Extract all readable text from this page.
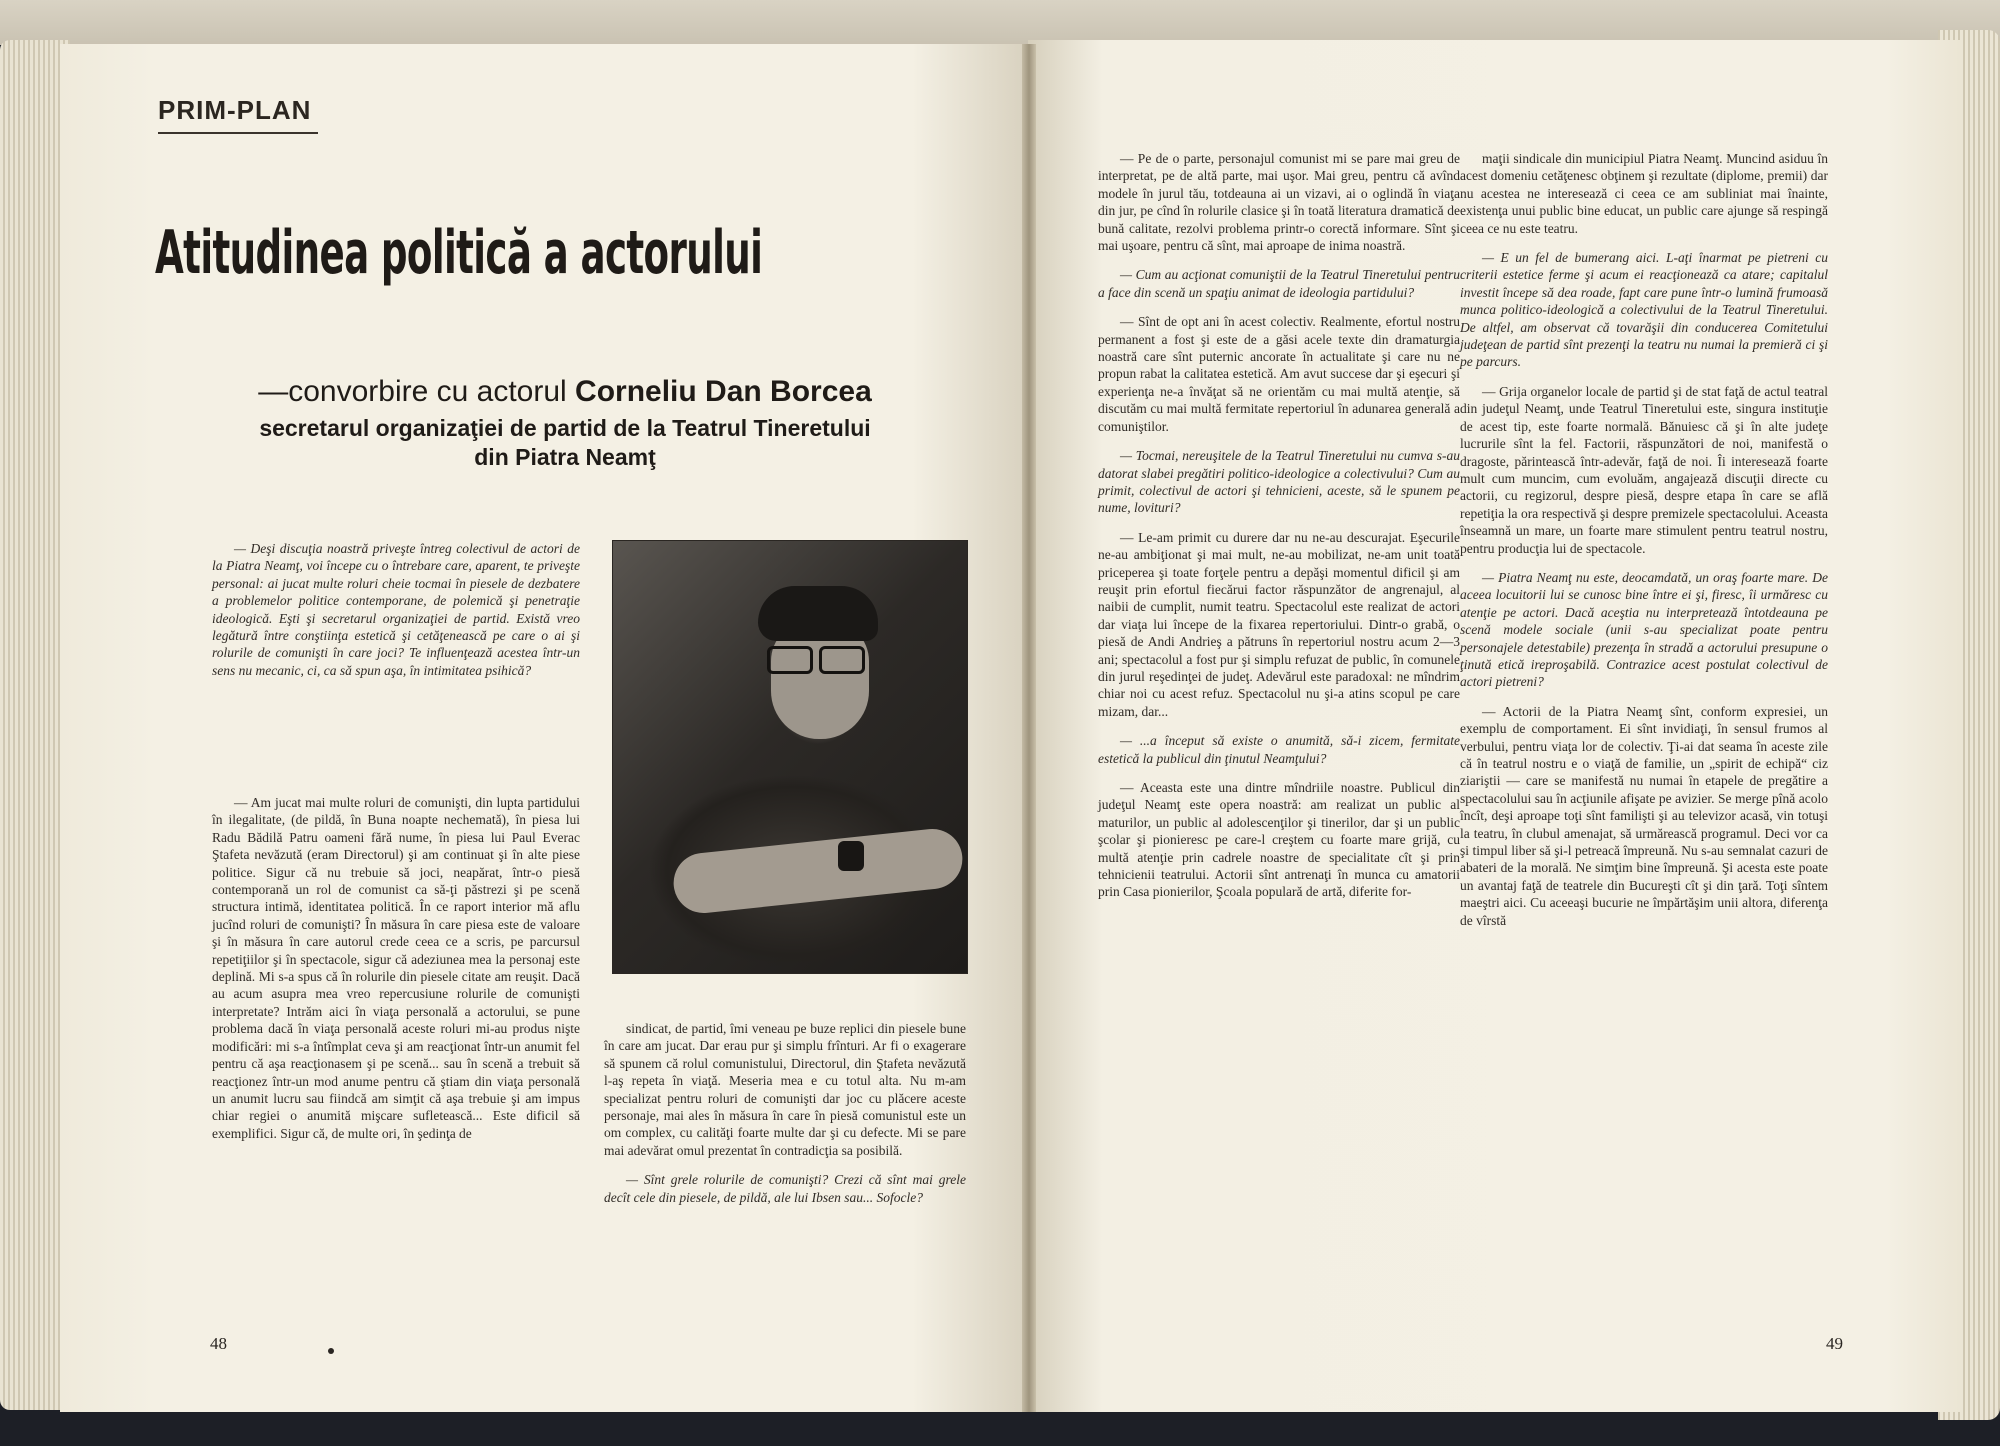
PRIM-PLAN
Atitudinea politică a actorului
—convorbire cu actorul Corneliu Dan Borcea
secretarul organizaţiei de partid de la Teatrul Tineretului
din Piatra Neamţ

— Deşi discuţia noastră priveşte întreg colectivul de actori de la Piatra Neamţ, voi începe cu o întrebare care, aparent, te priveşte personal: ai jucat multe roluri cheie tocmai în piesele de dezbatere a problemelor politice contemporane, de polemică şi penetraţie ideologică. Eşti şi secretarul organizaţiei de partid. Există vreo legătură între conştiinţa estetică şi cetăţenească pe care o ai şi rolurile de comunişti în care joci? Te influenţează acestea într-un sens nu mecanic, ci, ca să spun aşa, în intimitatea psihică?

— Am jucat mai multe roluri de comunişti, din lupta partidului în ilegalitate, (de pildă, în Buna noapte nechemată), în piesa lui Radu Bădilă Patru oameni fără nume, în piesa lui Paul Everac Ştafeta nevăzută (eram Directorul) şi am continuat şi în alte piese politice. Sigur că nu trebuie să joci, neapărat, într-o piesă contemporană un rol de comunist ca să-ţi păstrezi şi pe scenă structura intimă, identitatea politică. În ce raport interior mă aflu jucînd roluri de comunişti? În măsura în care piesa este de valoare şi în măsura în care autorul crede ceea ce a scris, pe parcursul repetiţiilor şi în spectacole, sigur că adeziunea mea la personaj este deplină. Mi s-a spus că în rolurile din piesele citate am reuşit. Dacă au acum asupra mea vreo repercusiune rolurile de comunişti interpretate? Intrăm aici în viaţa personală a actorului, se pune problema dacă în viaţa personală aceste roluri mi-au produs nişte modificări: mi s-a întîmplat ceva şi am reacţionat într-un anumit fel pentru că aşa reacţionasem şi pe scenă... sau în scenă a trebuit să reacţionez într-un mod anume pentru că ştiam din viaţa personală un anumit lucru sau fiindcă am simţit că aşa trebuie şi am impus chiar regiei o anumită mişcare sufletească... Este dificil să exemplifici. Sigur că, de multe ori, în şedinţa de

sindicat, de partid, îmi veneau pe buze replici din piesele bune în care am jucat. Dar erau pur şi simplu frînturi. Ar fi o exagerare să spunem că rolul comunistului, Directorul, din Ştafeta nevăzută l-aş repeta în viaţă. Meseria mea e cu totul alta. Nu m-am specializat pentru roluri de comunişti dar joc cu plăcere aceste personaje, mai ales în măsura în care în piesă comunistul este un om complex, cu calităţi foarte multe dar şi cu defecte. Mi se pare mai adevărat omul prezentat în contradicţia sa posibilă.

— Sînt grele rolurile de comunişti? Crezi că sînt mai grele decît cele din piesele, de pildă, ale lui Ibsen sau... Sofocle?

48

— Pe de o parte, personajul comunist mi se pare mai greu de interpretat, pe de altă parte, mai uşor. Mai greu, pentru că avînd modele în jurul tău, totdeauna ai un vizavi, ai o oglindă în viaţa din jur, pe cînd în rolurile clasice şi în toată literatura dramatică de bună calitate, rezolvi problema printr-o corectă informare. Sînt şi mai uşoare, pentru că sînt, mai aproape de inima noastră.

— Cum au acţionat comuniştii de la Teatrul Tineretului pentru a face din scenă un spaţiu animat de ideologia partidului?

— Sînt de opt ani în acest colectiv. Realmente, efortul nostru permanent a fost şi este de a găsi acele texte din dramaturgia noastră care sînt puternic ancorate în actualitate şi care nu ne propun rabat la calitatea estetică. Am avut succese dar şi eşecuri şi experienţa ne-a învăţat să ne orientăm cu mai multă atenţie, să discutăm cu mai multă fermitate repertoriul în adunarea generală a comuniştilor.

— Tocmai, nereuşitele de la Teatrul Tineretului nu cumva s-au datorat slabei pregătiri politico-ideologice a colectivului? Cum au primit, colectivul de actori şi tehnicieni, aceste, să le spunem pe nume, lovituri?

— Le-am primit cu durere dar nu ne-au descurajat. Eşecurile ne-au ambiţionat şi mai mult, ne-au mobilizat, ne-am unit toată priceperea şi toate forţele pentru a depăşi momentul dificil şi am reuşit prin efortul fiecărui factor răspunzător de angrenajul, al naibii de cumplit, numit teatru. Spectacolul este realizat de actori dar viaţa lui începe de la fixarea repertoriului. Dintr-o grabă, o piesă de Andi Andrieş a pătruns în repertoriul nostru acum 2—3 ani; spectacolul a fost pur şi simplu refuzat de public, în comunele din jurul reşedinţei de judeţ. Adevărul este paradoxal: ne mîndrim chiar noi cu acest refuz. Spectacolul nu şi-a atins scopul pe care mizam, dar...

— ...a început să existe o anumită, să-i zicem, fermitate estetică la publicul din ţinutul Neamţului?

— Aceasta este una dintre mîndriile noastre. Publicul din judeţul Neamţ este opera noastră: am realizat un public al maturilor, un public al adolescenţilor şi tinerilor, dar şi un public şcolar şi pionieresc pe care-l creştem cu foarte mare grijă, cu multă atenţie prin cadrele noastre de specialitate cît şi prin tehnicienii teatrului. Actorii sînt antrenaţi în munca cu amatorii prin Casa pionierilor, Şcoala populară de artă, diferite for-

maţii sindicale din municipiul Piatra Neamţ. Muncind asiduu în acest domeniu cetăţenesc obţinem şi rezultate (diplome, premii) dar nu acestea ne interesează ci ceea ce am subliniat mai înainte, existenţa unui public bine educat, un public care ajunge să respingă ceea ce nu este teatru.

— E un fel de bumerang aici. L-aţi înarmat pe pietreni cu criterii estetice ferme şi acum ei reacţionează ca atare; capitalul investit începe să dea roade, fapt care pune într-o lumină frumoasă munca politico-ideologică a colectivului de la Teatrul Tineretului. De altfel, am observat că tovarăşii din conducerea Comitetului judeţean de partid sînt prezenţi la teatru nu numai la premieră ci şi pe parcurs.

— Grija organelor locale de partid şi de stat faţă de actul teatral din judeţul Neamţ, unde Teatrul Tineretului este, singura instituţie de acest tip, este foarte normală. Bănuiesc că şi în alte judeţe lucrurile sînt la fel. Factorii, răspunzători de noi, manifestă o dragoste, părintească într-adevăr, faţă de noi. Îi interesează foarte mult cum muncim, cum evoluăm, angajează discuţii directe cu actorii, cu regizorul, despre piesă, despre etapa în care se află repetiţia la ora respectivă şi despre premizele spectacolului. Aceasta înseamnă un mare, un foarte mare stimulent pentru teatrul nostru, pentru producţia lui de spectacole.

— Piatra Neamţ nu este, deocamdată, un oraş foarte mare. De aceea locuitorii lui se cunosc bine între ei şi, firesc, îi urmăresc cu atenţie pe actori. Dacă aceştia nu interpretează întotdeauna pe scenă modele sociale (unii s-au specializat poate pentru personajele detestabile) prezenţa în stradă a actorului presupune o ţinută etică ireproşabilă. Contrazice acest postulat colectivul de actori pietreni?

— Actorii de la Piatra Neamţ sînt, conform expresiei, un exemplu de comportament. Ei sînt invidiaţi, în sensul frumos al verbului, pentru viaţa lor de colectiv. Ţi-ai dat seama în aceste zile că în teatrul nostru e o viaţă de familie, un „spirit de echipă“ ciz ziariştii — care se manifestă nu numai în etapele de pregătire a spectacolului sau în acţiunile afişate pe avizier. Se merge pînă acolo încît, deşi aproape toţi sînt familişti şi au televizor acasă, vin totuşi la teatru, în clubul amenajat, să urmărească programul. Deci vor ca şi timpul liber să şi-l petreacă împreună. Nu s-au semnalat cazuri de abateri de la morală. Ne simţim bine împreună. Şi acesta este poate un avantaj faţă de teatrele din Bucureşti cît şi din ţară. Toţi sîntem maeştri aici. Cu aceeaşi bucurie ne împărtăşim unii altora, diferenţa de vîrstă

49
